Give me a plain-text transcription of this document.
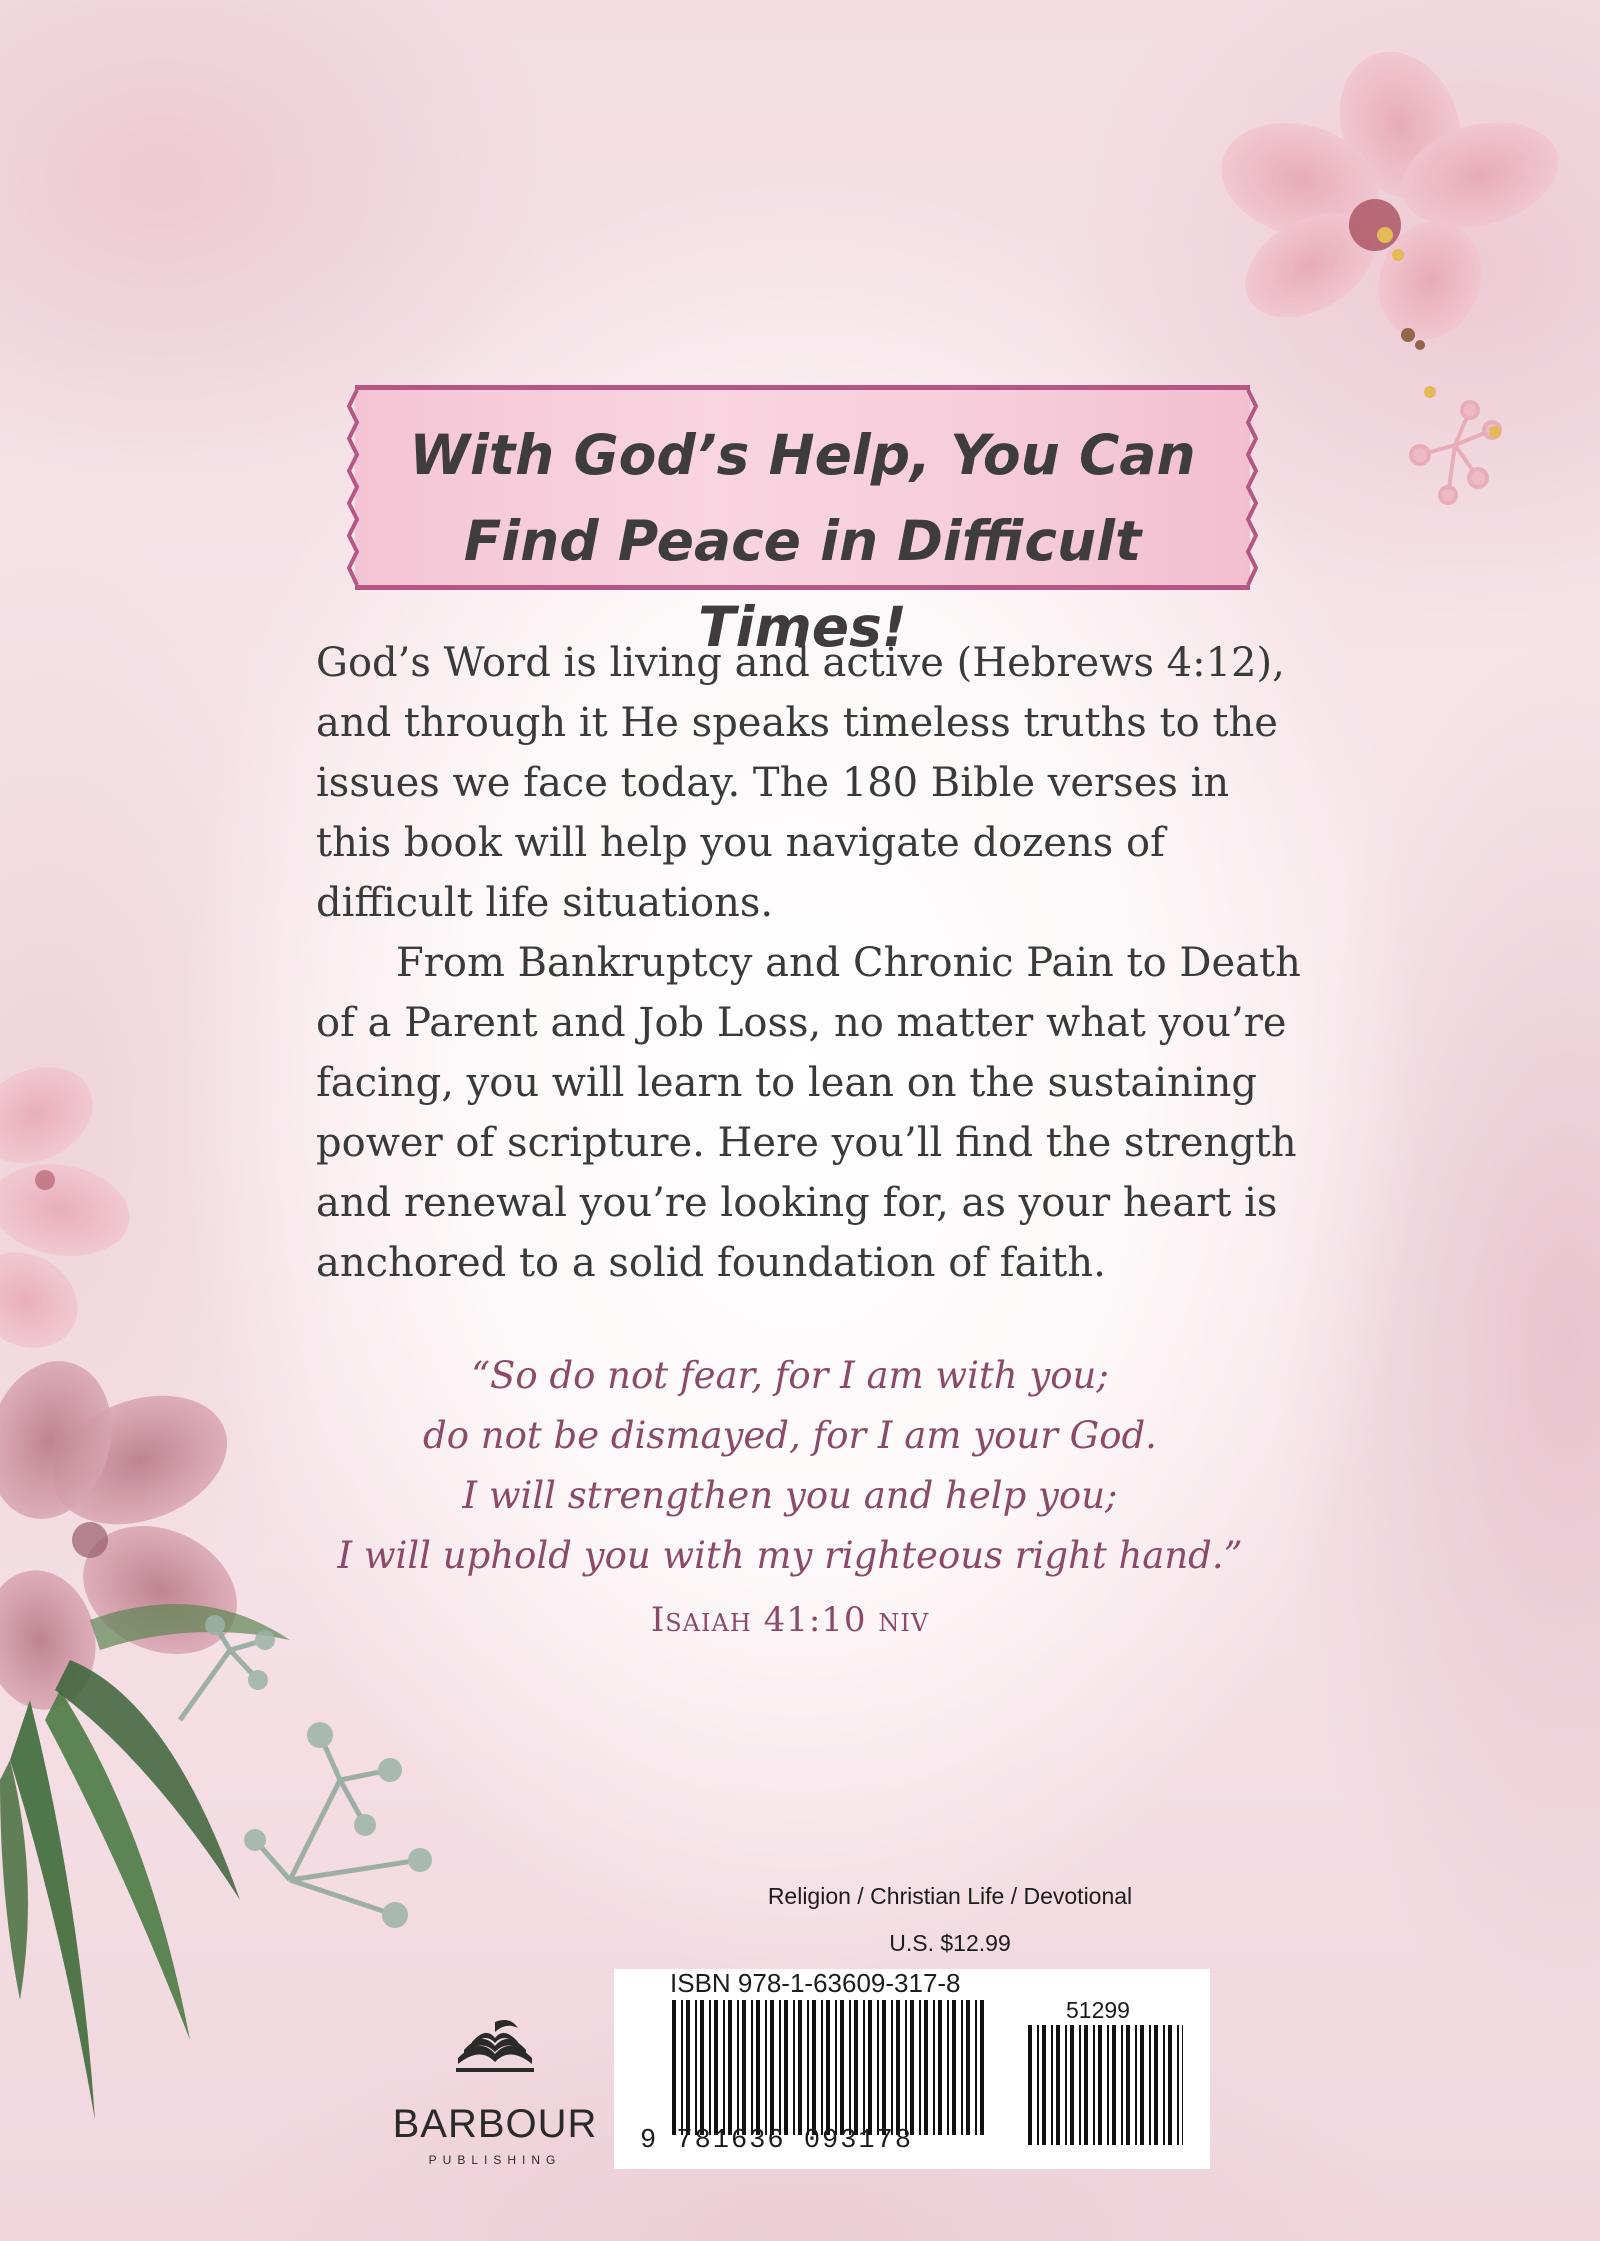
With God’s Help, You Can
Find Peace in Difficult Times!

God’s Word is living and active (Hebrews 4:12), and through it He speaks timeless truths to the issues we face today. The 180 Bible verses in this book will help you navigate dozens of difficult life situations.

From Bankruptcy and Chronic Pain to Death of a Parent and Job Loss, no matter what you’re facing, you will learn to lean on the sustaining power of scripture. Here you’ll find the strength and renewal you’re looking for, as your heart is anchored to a solid foundation of faith.

“So do not fear, for I am with you;
do not be dismayed, for I am your God.
I will strengthen you and help you;
I will uphold you with my righteous right hand.”
Isaiah 41:10 niv
Religion / Christian Life / Devotional
U.S. $12.99
ISBN 978-1-63609-317-8
51299
9 781636 093178
BARBOUR
PUBLISHING
